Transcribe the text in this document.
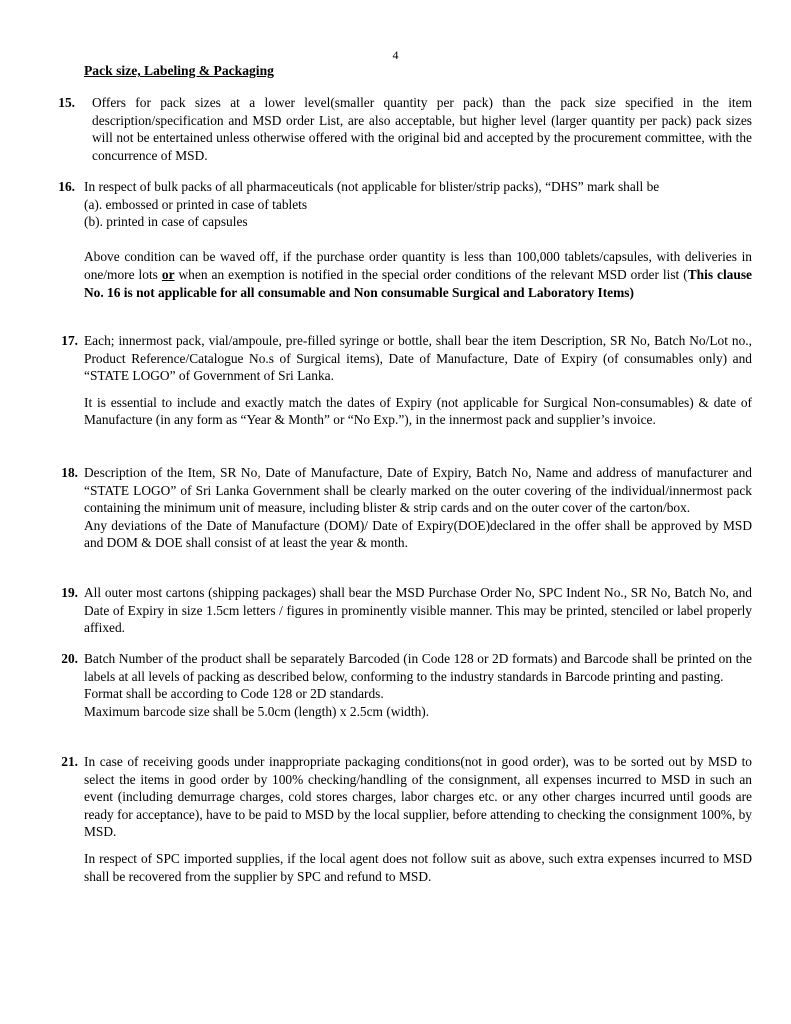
4
Pack size, Labeling & Packaging
15. Offers for pack sizes at a lower level(smaller quantity per pack) than the pack size specified in the item description/specification and MSD order List, are also acceptable, but higher level (larger quantity per pack) pack sizes will not be entertained unless otherwise offered with the original bid and accepted by the procurement committee, with the concurrence of MSD.

16. In respect of bulk packs of all pharmaceuticals (not applicable for blister/strip packs), “DHS” mark shall be

(a). embossed or printed in case of tablets

(b). printed in case of capsules

Above condition can be waved off, if the purchase order quantity is less than 100,000 tablets/capsules, with deliveries in one/more lots or when an exemption is notified in the special order conditions of the relevant MSD order list (This clause No. 16 is not applicable for all consumable and Non consumable Surgical and Laboratory Items)

17. Each; innermost pack, vial/ampoule, pre-filled syringe or bottle, shall bear the item Description, SR No, Batch No/Lot no., Product Reference/Catalogue No.s of Surgical items), Date of Manufacture, Date of Expiry (of consumables only) and “STATE LOGO” of Government of Sri Lanka.

It is essential to include and exactly match the dates of Expiry (not applicable for Surgical Non-consumables) & date of Manufacture (in any form as “Year & Month” or “No Exp.”), in the innermost pack and supplier’s invoice.

18. Description of the Item, SR No, Date of Manufacture, Date of Expiry, Batch No, Name and address of manufacturer and “STATE LOGO” of Sri Lanka Government shall be clearly marked on the outer covering of the individual/innermost pack containing the minimum unit of measure, including blister & strip cards and on the outer cover of the carton/box.

Any deviations of the Date of Manufacture (DOM)/ Date of Expiry(DOE)declared in the offer shall be approved by MSD and DOM & DOE shall consist of at least the year & month.

19. All outer most cartons (shipping packages) shall bear the MSD Purchase Order No, SPC Indent No., SR No, Batch No, and Date of Expiry in size 1.5cm letters / figures in prominently visible manner. This may be printed, stenciled or label properly affixed.

20. Batch Number of the product shall be separately Barcoded (in Code 128 or 2D formats) and Barcode shall be printed on the labels at all levels of packing as described below, conforming to the industry standards in Barcode printing and pasting.

Format shall be according to Code 128 or 2D standards.

Maximum barcode size shall be 5.0cm (length) x 2.5cm (width).

21. In case of receiving goods under inappropriate packaging conditions(not in good order), was to be sorted out by MSD to select the items in good order by 100% checking/handling of the consignment, all expenses incurred to MSD in such an event (including demurrage charges, cold stores charges, labor charges etc. or any other charges incurred until goods are ready for acceptance), have to be paid to MSD by the local supplier, before attending to checking the consignment 100%, by MSD.

In respect of SPC imported supplies, if the local agent does not follow suit as above, such extra expenses incurred to MSD shall be recovered from the supplier by SPC and refund to MSD.
